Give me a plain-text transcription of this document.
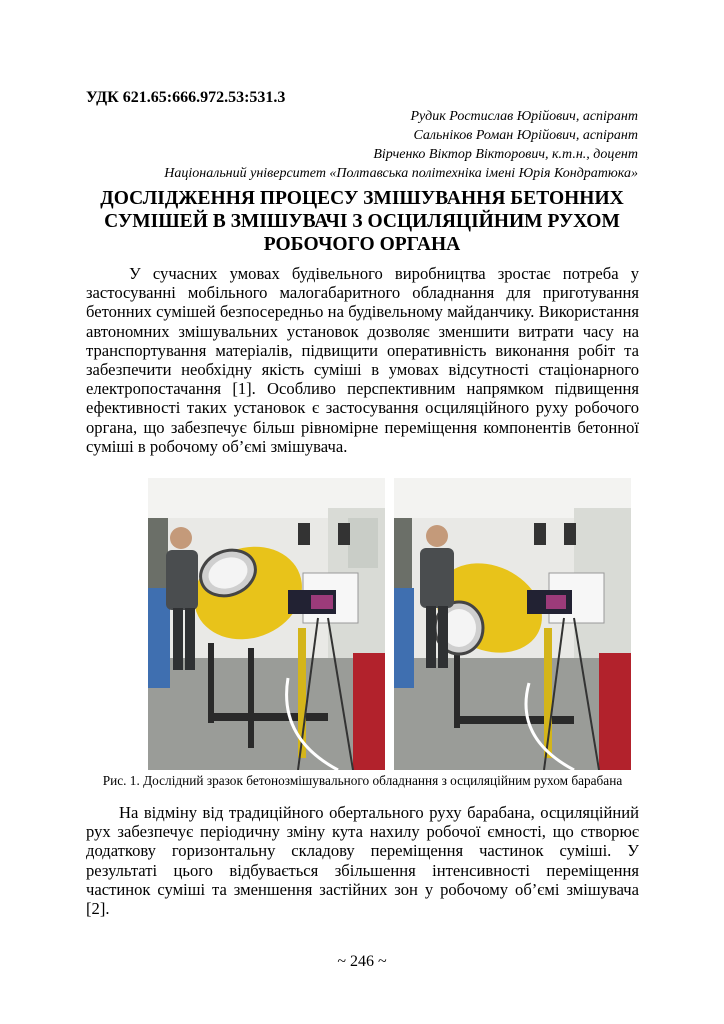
УДК 621.65:666.972.53:531.3
Рудик Ростислав Юрійович, аспірант
Сальніков Роман Юрійович, аспірант
Вірченко Віктор Вікторович, к.т.н., доцент
Національний університет «Полтавська політехніка імені Юрія Кондратюка»
ДОСЛІДЖЕННЯ ПРОЦЕСУ ЗМІШУВАННЯ БЕТОННИХ СУМІШЕЙ В ЗМІШУВАЧІ З ОСЦИЛЯЦІЙНИМ РУХОМ РОБОЧОГО ОРГАНА
У сучасних умовах будівельного виробництва зростає потреба у застосуванні мобільного малогабаритного обладнання для приготування бетонних сумішей безпосередньо на будівельному майданчику. Використання автономних змішувальних установок дозволяє зменшити витрати часу на транспортування матеріалів, підвищити оперативність виконання робіт та забезпечити необхідну якість суміші в умовах відсутності стаціонарного електропостачання [1]. Особливо перспективним напрямком підвищення ефективності таких установок є застосування осциляційного руху робочого органа, що забезпечує більш рівномірне переміщення компонентів бетонної суміші в робочому об’ємі змішувача.
Рис. 1. Дослідний зразок бетонозмішувального обладнання з осциляційним рухом барабана
На відміну від традиційного обертального руху барабана, осциляційний рух забезпечує періодичну зміну кута нахилу робочої ємності, що створює додаткову горизонтальну складову переміщення частинок суміші. У результаті цього відбувається збільшення інтенсивності переміщення частинок суміші та зменшення застійних зон у робочому об’ємі змішувача [2].
~ 246 ~
